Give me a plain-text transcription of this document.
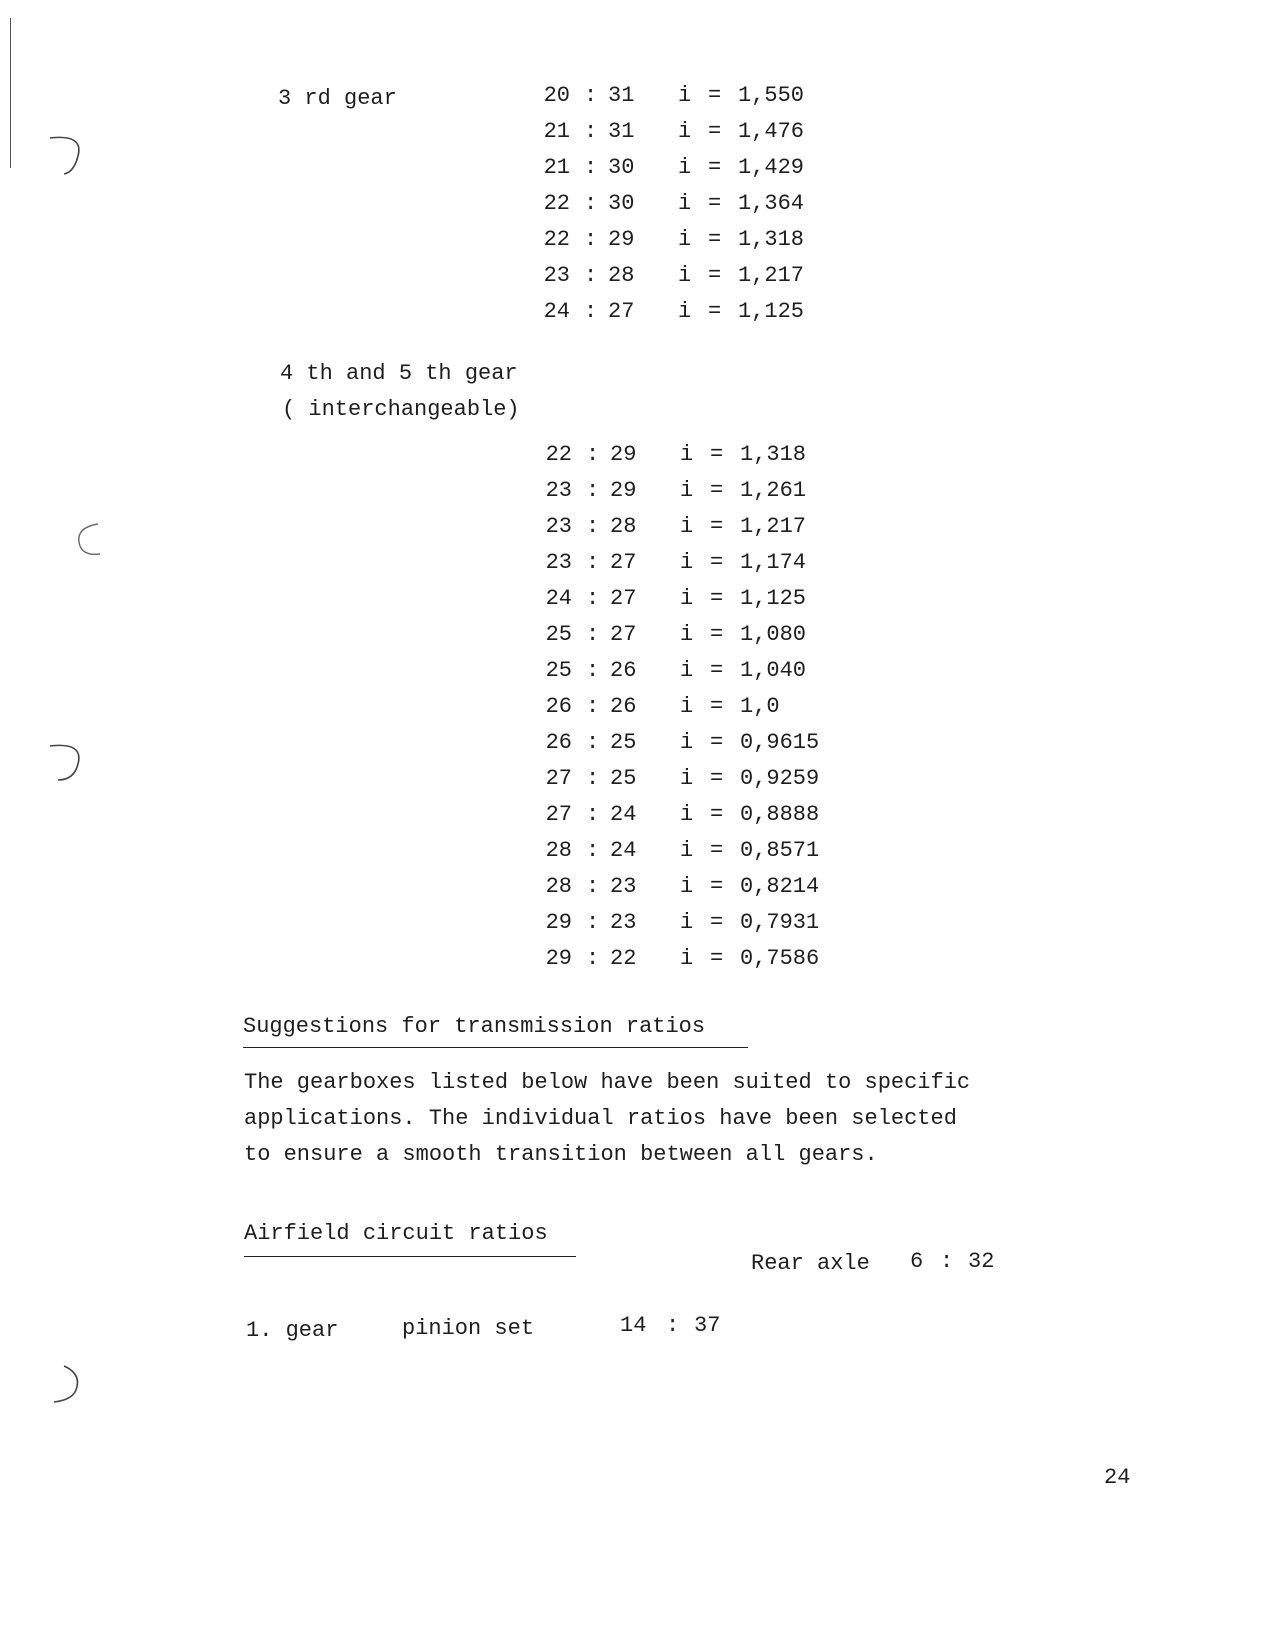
3 rd gear	20 : 31 i = 1,550
21 : 31 i = 1,476
21 : 30 i = 1,429
22 : 30 i = 1,364
22 : 29 i = 1,318
23 : 28 i = 1,217
24 : 27 i = 1,125
4 th and 5 th gear
( interchangeable)
22 : 29 i = 1,318
23 : 29 i = 1,261
23 : 28 i = 1,217
23 : 27 i = 1,174
24 : 27 i = 1,125
25 : 27 i = 1,080
25 : 26 i = 1,040
26 : 26 i = 1,0
26 : 25 i = 0,9615
27 : 25 i = 0,9259
27 : 24 i = 0,8888
28 : 24 i = 0,8571
28 : 23 i = 0,8214
29 : 23 i = 0,7931
29 : 22 i = 0,7586
Suggestions for transmission ratios
The gearboxes listed below have been suited to specific
applications. The individual ratios have been selected
to ensure a smooth transition between all gears.
Airfield circuit ratios
Rear axle 6 : 32
1. gear	pinion set	14 : 37
24
